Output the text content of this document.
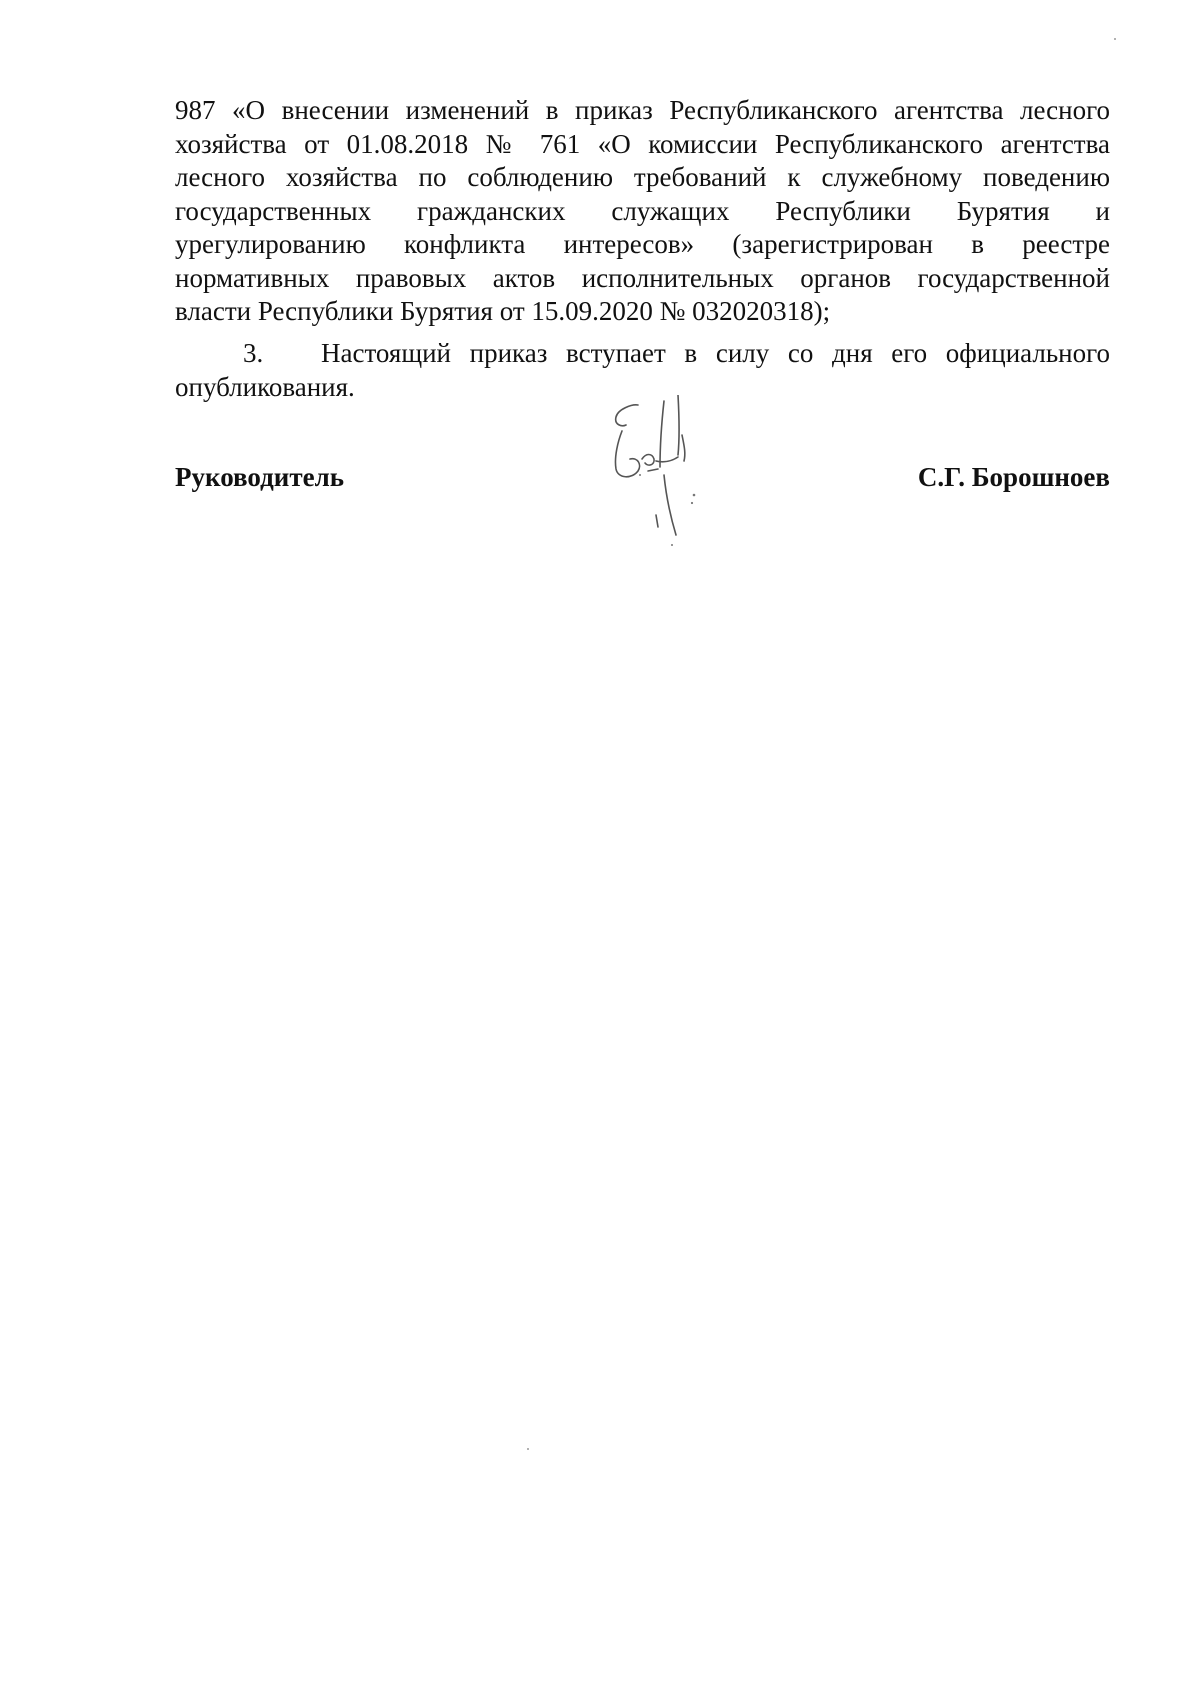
987 «О внесении изменений в приказ Республиканского агентства лесного
хозяйства от 01.08.2018 № 761 «О комиссии Республиканского агентства
лесного хозяйства по соблюдению требований к служебному поведению
государственных гражданских служащих Республики Бурятия и
урегулированию конфликта интересов» (зарегистрирован в реестре
нормативных правовых актов исполнительных органов государственной
власти Республики Бурятия от 15.09.2020 № 032020318);
3. Настоящий приказ вступает в силу со дня его официального
опубликования.
Руководитель	С.Г. Борошноев
